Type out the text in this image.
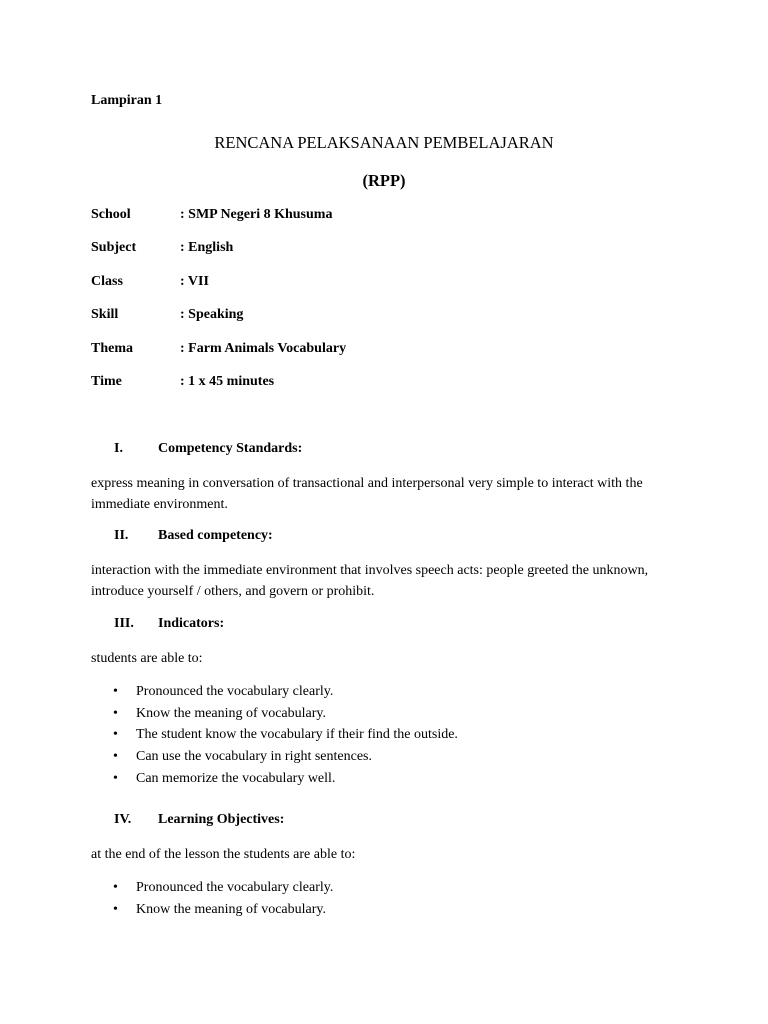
Lampiran 1
RENCANA PELAKSANAAN PEMBELAJARAN
(RPP)
School	: SMP Negeri 8 Khusuma
Subject	: English
Class	: VII
Skill	: Speaking
Thema	: Farm Animals Vocabulary
Time	: 1 x 45 minutes
I.	Competency Standards:
express meaning in conversation of transactional and interpersonal very simple to interact with the immediate environment.
II.	Based competency:
interaction with the immediate environment that involves speech acts: people greeted the unknown, introduce yourself / others, and govern or prohibit.
III.	Indicators:
students are able to:
•	Pronounced the vocabulary clearly.
•	Know the meaning of vocabulary.
•	The student know the vocabulary if their find the outside.
•	Can use the vocabulary in right sentences.
•	Can memorize the vocabulary well.
IV.	Learning Objectives:
at the end of the lesson the students are able to:
•	Pronounced the vocabulary clearly.
•	Know the meaning of vocabulary.
